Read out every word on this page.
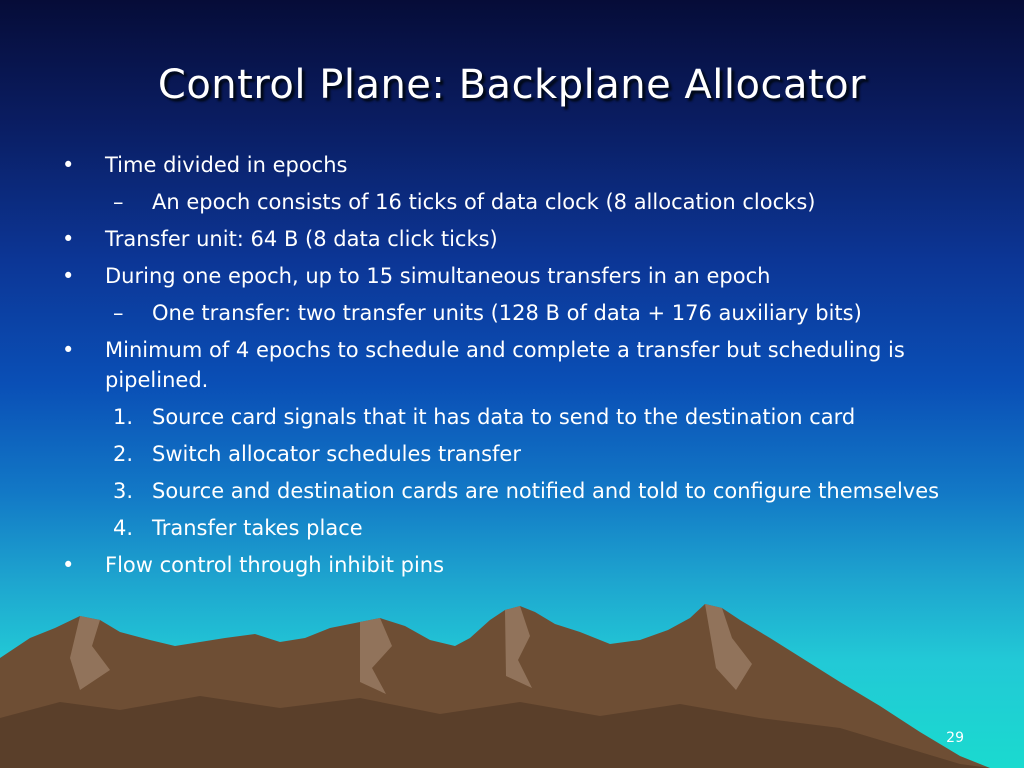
Control Plane: Backplane Allocator
•	Time divided in epochs
–	An epoch consists of 16 ticks of data clock (8 allocation clocks)
•	Transfer unit: 64 B (8 data click ticks)
•	During one epoch, up to 15 simultaneous transfers in an epoch
–	One transfer: two transfer units (128 B of data + 176 auxiliary bits)
•	Minimum of 4 epochs to schedule and complete a transfer but scheduling is pipelined.
1. Source card signals that it has data to send to the destination card
2. Switch allocator schedules transfer
3. Source and destination cards are notified and told to configure themselves
4. Transfer takes place
•	Flow control through inhibit pins
29
